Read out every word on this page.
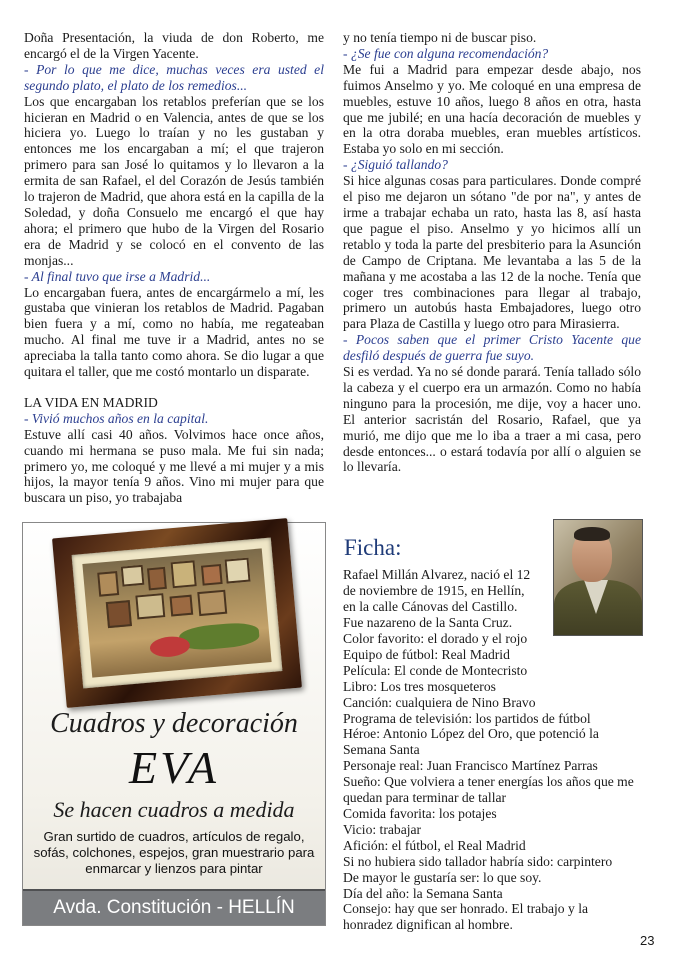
Doña Presentación, la viuda de don Roberto, me encargó el de la Virgen Yacente.

- Por lo que me dice, muchas veces era usted el segundo plato, el plato de los remedios...

Los que encargaban los retablos preferían que se los hicieran en Madrid o en Valencia, antes de que se los hiciera yo. Luego lo traían y no les gustaban y entonces me los encargaban a mí; el que trajeron primero para san José lo quitamos y lo llevaron a la ermita de san Rafael, el del Corazón de Jesús también lo trajeron de Madrid, que ahora está en la capilla de la Soledad, y doña Consuelo me encargó el que hay ahora; el primero que hubo de la Virgen del Rosario era de Madrid y se colocó en el convento de las monjas...

- Al final tuvo que irse a Madrid...

Lo encargaban fuera, antes de encargármelo a mí, les gustaba que vinieran los retablos de Madrid. Pagaban bien fuera y a mí, como no había, me regateaban mucho. Al final me tuve ir a Madrid, antes no se apreciaba la talla tanto como ahora. Se dio lugar a que quitara el taller, que me costó montarlo un disparate.

LA VIDA EN MADRID

- Vivió muchos años en la capital.

Estuve allí casi 40 años. Volvimos hace once años, cuando mi hermana se puso mala. Me fui sin nada; primero yo, me coloqué y me llevé a mi mujer y a mis hijos, la mayor tenía 9 años. Vino mi mujer para que buscara un piso, yo trabajaba

y no tenía tiempo ni de buscar piso.

- ¿Se fue con alguna recomendación?

Me fui a Madrid para empezar desde abajo, nos fuimos Anselmo y yo. Me coloqué en una empresa de muebles, estuve 10 años, luego 8 años en otra, hasta que me jubilé; en una hacía decoración de muebles y en la otra doraba muebles, eran muebles artísticos. Estaba yo solo en mi sección.

- ¿Siguió tallando?

Si hice algunas cosas para particulares. Donde compré el piso me dejaron un sótano "de por na", y antes de irme a trabajar echaba un rato, hasta las 8, así hasta que pague el piso. Anselmo y yo hicimos allí un retablo y toda la parte del presbiterio para la Asunción de Campo de Criptana. Me levantaba a las 5 de la mañana y me acostaba a las 12 de la noche. Tenía que coger tres combinaciones para llegar al trabajo, primero un autobús hasta Embajadores, luego otro para Plaza de Castilla y luego otro para Mirasierra.

- Pocos saben que el primer Cristo Yacente que desfiló después de guerra fue suyo.

Si es verdad. Ya no sé donde parará. Tenía tallado sólo la cabeza y el cuerpo era un armazón. Como no había ninguno para la procesión, me dije, voy a hacer uno. El anterior sacristán del Rosario, Rafael, que ya murió, me dijo que me lo iba a traer a mi casa, pero desde entonces... o estará todavía por allí o alguien se lo llevaría.

Cuadros y decoración
EVA
Se hacen cuadros a medida
Gran surtido de cuadros, artículos de regalo, sofás, colchones, espejos, gran muestrario para enmarcar y lienzos para pintar
Avda. Constitución - HELLÍN
Ficha:
Rafael Millán Alvarez, nació el 12
de noviembre de 1915, en Hellín,
en la calle Cánovas del Castillo.
Fue nazareno de la Santa Cruz.
Color favorito: el dorado y el rojo
Equipo de fútbol: Real Madrid
Película: El conde de Montecristo
Libro: Los tres mosqueteros
Canción: cualquiera de Nino Bravo
Programa de televisión: los partidos de fútbol
Héroe: Antonio López del Oro, que potenció la Semana Santa
Personaje real: Juan Francisco Martínez Parras
Sueño: Que volviera a tener energías los años que me quedan para terminar de tallar
Comida favorita: los potajes
Vicio: trabajar
Afición: el fútbol, el Real Madrid
Si no hubiera sido tallador habría sido: carpintero
De mayor le gustaría ser: lo que soy.
Día del año: la Semana Santa
Consejo: hay que ser honrado. El trabajo y la honradez dignifican al hombre.
23
